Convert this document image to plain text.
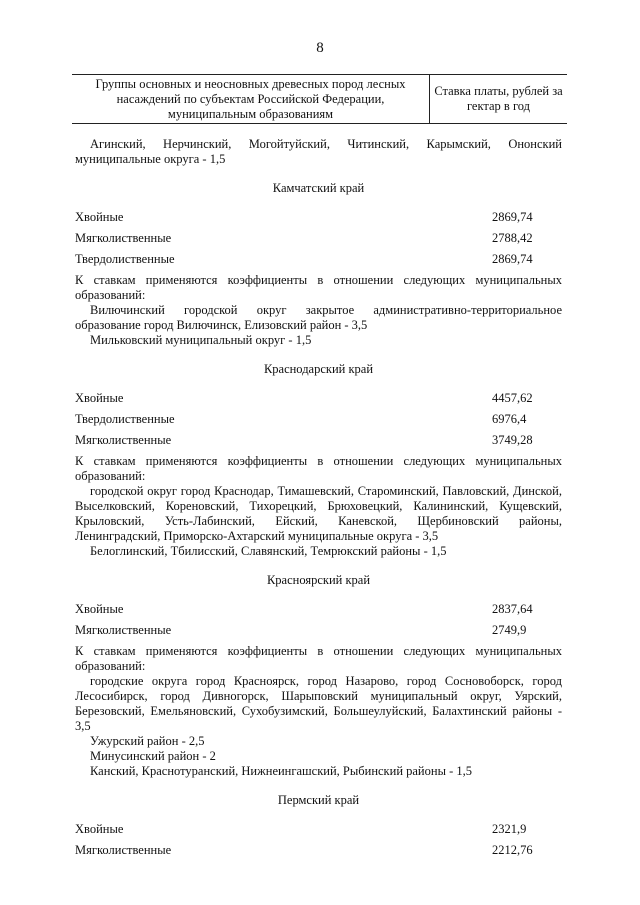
8
Группы основных и неосновных древесных пород лесных насаждений по субъектам Российской Федерации, муниципальным образованиям
Ставка платы, рублей за гектар в год

Агинский, Нерчинский, Могойтуйский, Читинский, Карымский, Ононский муниципальные округа - 1,5

Камчатский край
Хвойные	2869,74
Мягколиственные	2788,42
Твердолиственные	2869,74

К ставкам применяются коэффициенты в отношении следующих муниципальных образований:

Вилючинский городской округ закрытое административно-территориальное образование город Вилючинск, Елизовский район - 3,5

Мильковский муниципальный округ - 1,5

Краснодарский край
Хвойные	4457,62
Твердолиственные	6976,4
Мягколиственные	3749,28

К ставкам применяются коэффициенты в отношении следующих муниципальных образований:

городской округ город Краснодар, Тимашевский, Староминский, Павловский, Динской, Выселковский, Кореновский, Тихорецкий, Брюховецкий, Калининский, Кущевский, Крыловский, Усть-Лабинский, Ейский, Каневской, Щербиновский районы, Ленинградский, Приморско-Ахтарский муниципальные округа - 3,5

Белоглинский, Тбилисский, Славянский, Темрюкский районы - 1,5

Красноярский край
Хвойные	2837,64
Мягколиственные	2749,9

К ставкам применяются коэффициенты в отношении следующих муниципальных образований:

городские округа город Красноярск, город Назарово, город Сосновоборск, город Лесосибирск, город Дивногорск, Шарыповский муниципальный округ, Уярский, Березовский, Емельяновский, Сухобузимский, Большеулуйский, Балахтинский районы - 3,5

Ужурский район - 2,5

Минусинский район - 2

Канский, Краснотуранский, Нижнеингашский, Рыбинский районы - 1,5

Пермский край
Хвойные	2321,9
Мягколиственные	2212,76
